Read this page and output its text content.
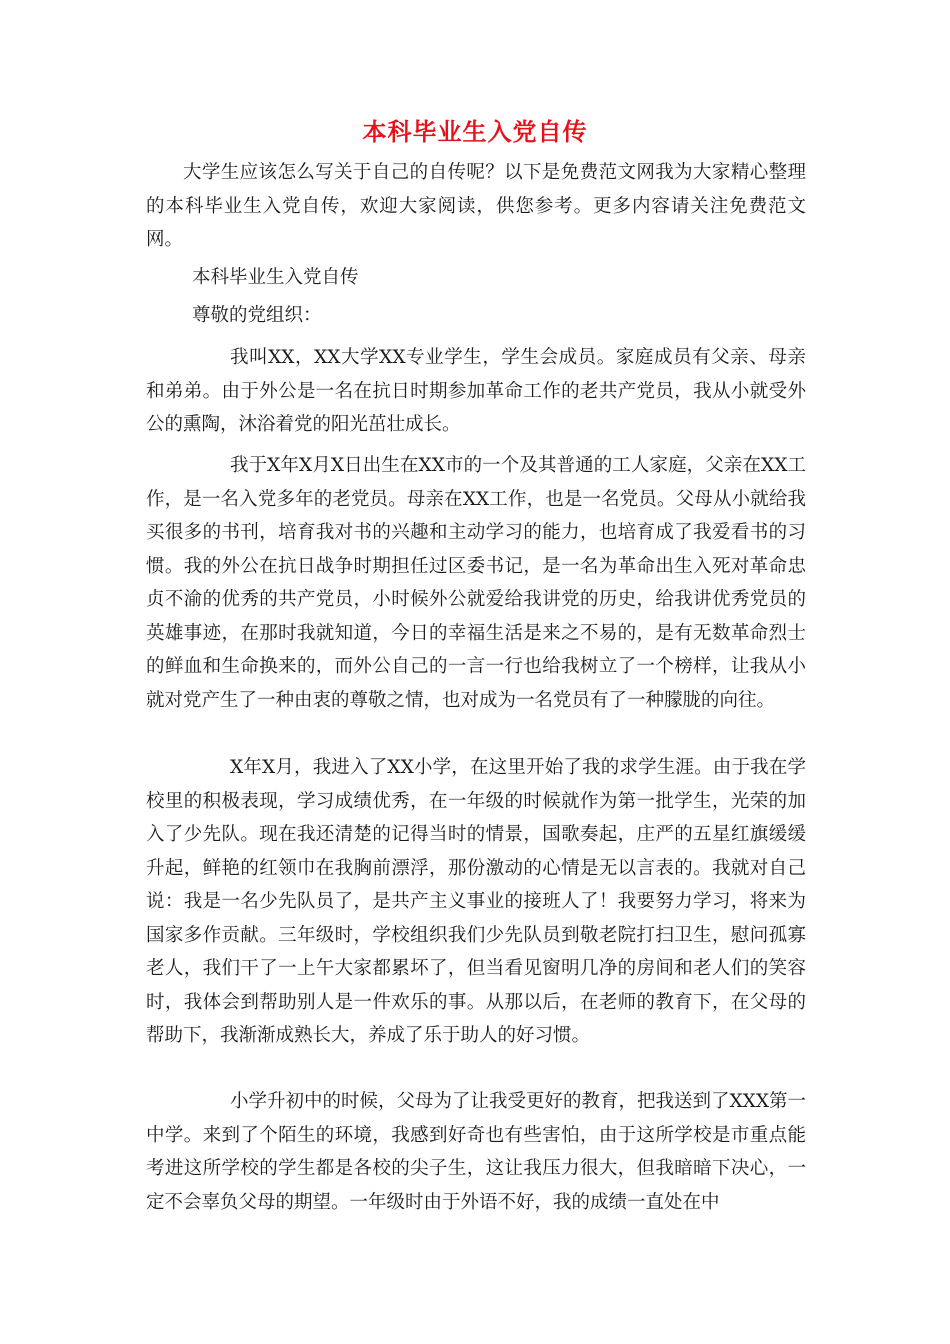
本科毕业生入党自传

大学生应该怎么写关于自己的自传呢？以下是免费范文网我为大家精心整理的本科毕业生入党自传，欢迎大家阅读，供您参考。更多内容请关注免费范文网。

本科毕业生入党自传

尊敬的党组织：

我叫XX，XX大学XX专业学生，学生会成员。家庭成员有父亲、母亲和弟弟。由于外公是一名在抗日时期参加革命工作的老共产党员，我从小就受外公的熏陶，沐浴着党的阳光茁壮成长。

我于X年X月X日出生在XX市的一个及其普通的工人家庭，父亲在XX工作，是一名入党多年的老党员。母亲在XX工作，也是一名党员。父母从小就给我买很多的书刊，培育我对书的兴趣和主动学习的能力，也培育成了我爱看书的习惯。我的外公在抗日战争时期担任过区委书记，是一名为革命出生入死对革命忠贞不渝的优秀的共产党员，小时候外公就爱给我讲党的历史，给我讲优秀党员的英雄事迹，在那时我就知道，今日的幸福生活是来之不易的，是有无数革命烈士的鲜血和生命换来的，而外公自己的一言一行也给我树立了一个榜样，让我从小就对党产生了一种由衷的尊敬之情，也对成为一名党员有了一种朦胧的向往。

X年X月，我进入了XX小学，在这里开始了我的求学生涯。由于我在学校里的积极表现，学习成绩优秀，在一年级的时候就作为第一批学生，光荣的加入了少先队。现在我还清楚的记得当时的情景，国歌奏起，庄严的五星红旗缓缓升起，鲜艳的红领巾在我胸前漂浮，那份激动的心情是无以言表的。我就对自己说：我是一名少先队员了，是共产主义事业的接班人了！我要努力学习，将来为国家多作贡献。三年级时，学校组织我们少先队员到敬老院打扫卫生，慰问孤寡老人，我们干了一上午大家都累坏了，但当看见窗明几净的房间和老人们的笑容时，我体会到帮助别人是一件欢乐的事。从那以后，在老师的教育下，在父母的帮助下，我渐渐成熟长大，养成了乐于助人的好习惯。

小学升初中的时候，父母为了让我受更好的教育，把我送到了XXX第一中学。来到了个陌生的环境，我感到好奇也有些害怕，由于这所学校是市重点能考进这所学校的学生都是各校的尖子生，这让我压力很大，但我暗暗下决心，一定不会辜负父母的期望。一年级时由于外语不好，我的成绩一直处在中
